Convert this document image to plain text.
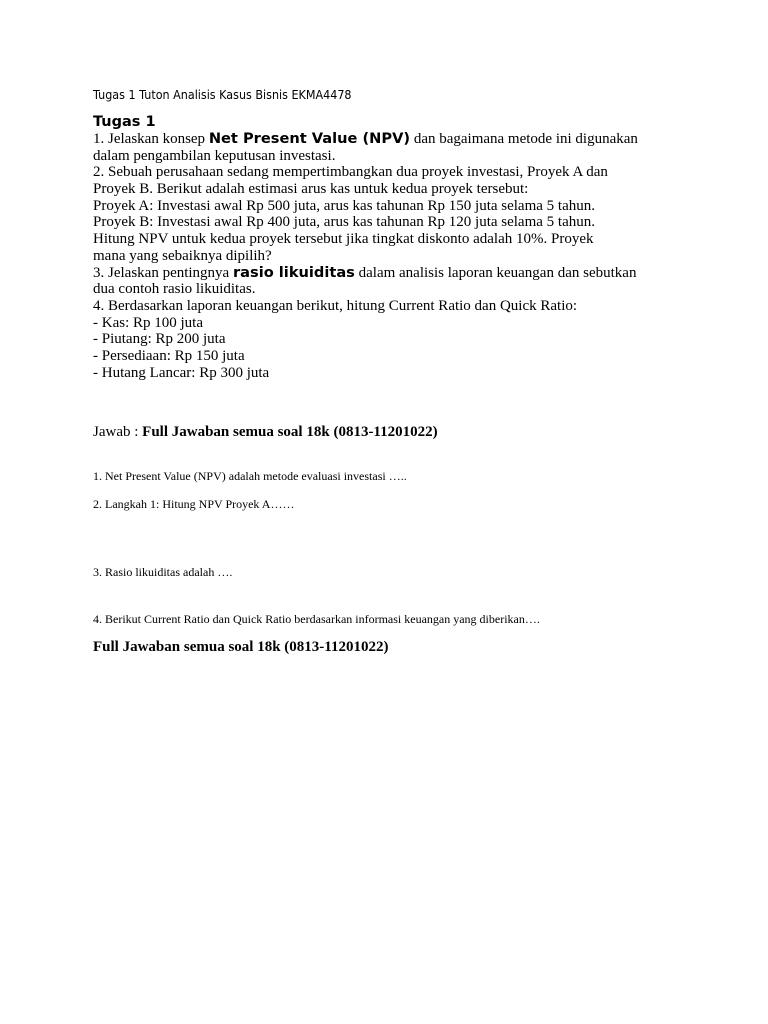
Tugas 1 Tuton Analisis Kasus Bisnis EKMA4478
Tugas 1
1. Jelaskan konsep Net Present Value (NPV) dan bagaimana metode ini digunakan
dalam pengambilan keputusan investasi.
2. Sebuah perusahaan sedang mempertimbangkan dua proyek investasi, Proyek A dan
Proyek B. Berikut adalah estimasi arus kas untuk kedua proyek tersebut:
Proyek A: Investasi awal Rp 500 juta, arus kas tahunan Rp 150 juta selama 5 tahun.
Proyek B: Investasi awal Rp 400 juta, arus kas tahunan Rp 120 juta selama 5 tahun.
Hitung NPV untuk kedua proyek tersebut jika tingkat diskonto adalah 10%. Proyek
mana yang sebaiknya dipilih?
3. Jelaskan pentingnya rasio likuiditas dalam analisis laporan keuangan dan sebutkan
dua contoh rasio likuiditas.
4. Berdasarkan laporan keuangan berikut, hitung Current Ratio dan Quick Ratio:
- Kas: Rp 100 juta
- Piutang: Rp 200 juta
- Persediaan: Rp 150 juta
- Hutang Lancar: Rp 300 juta
Jawab : Full Jawaban semua soal 18k (0813-11201022)
1. Net Present Value (NPV) adalah metode evaluasi investasi …..
2. Langkah 1: Hitung NPV Proyek A……
3. Rasio likuiditas adalah ….
4. Berikut Current Ratio dan Quick Ratio berdasarkan informasi keuangan yang diberikan….
Full Jawaban semua soal 18k (0813-11201022)
